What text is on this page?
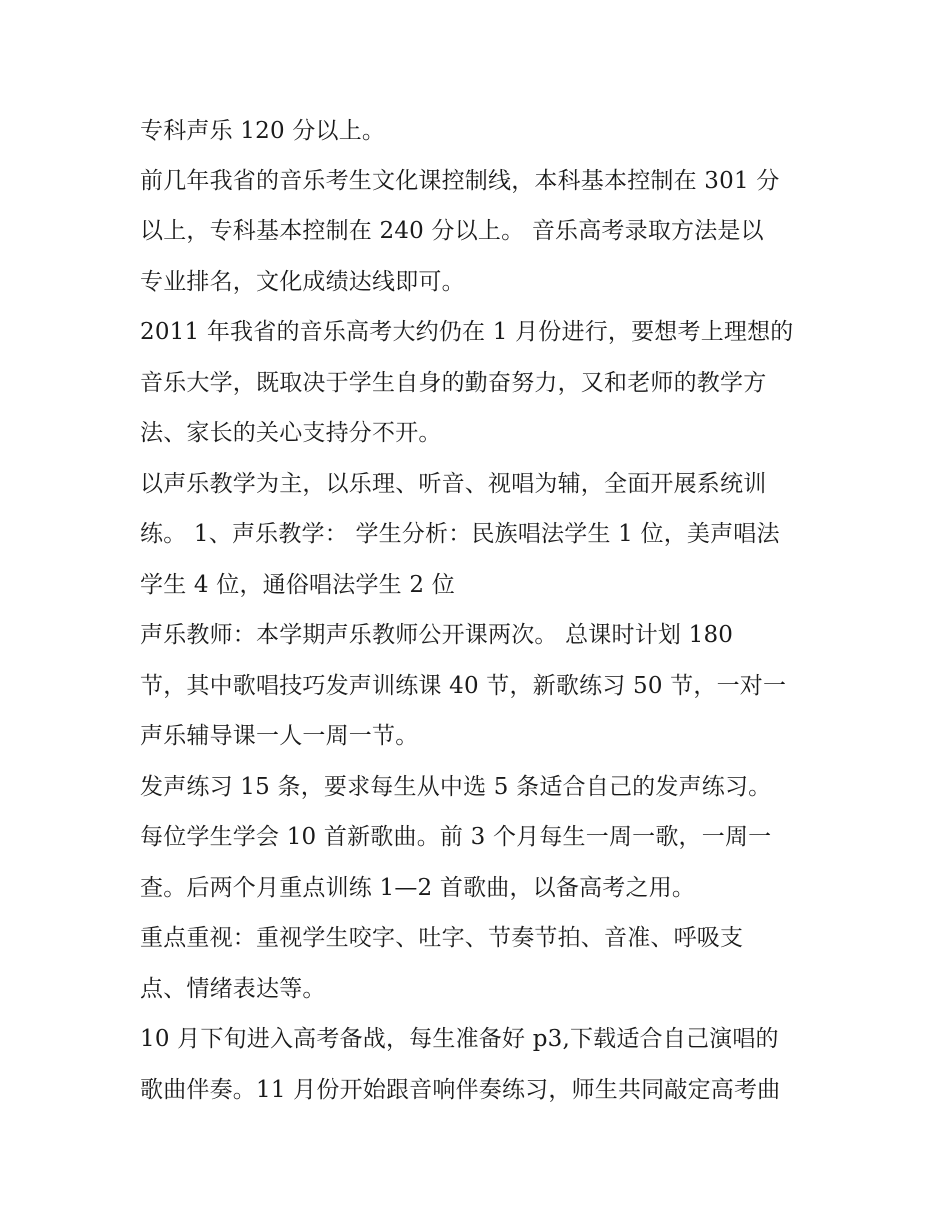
专科声乐 120 分以上。

前几年我省的音乐考生文化课控制线，本科基本控制在 301 分

以上，专科基本控制在 240 分以上。 音乐高考录取方法是以

专业排名，文化成绩达线即可。

2011 年我省的音乐高考大约仍在 1 月份进行，要想考上理想的

音乐大学，既取决于学生自身的勤奋努力，又和老师的教学方

法、家长的关心支持分不开。

以声乐教学为主，以乐理、听音、视唱为辅，全面开展系统训

练。 1、声乐教学： 学生分析：民族唱法学生 1 位，美声唱法

学生 4 位，通俗唱法学生 2 位

声乐教师：本学期声乐教师公开课两次。 总课时计划 180

节，其中歌唱技巧发声训练课 40 节，新歌练习 50 节，一对一

声乐辅导课一人一周一节。

发声练习 15 条，要求每生从中选 5 条适合自己的发声练习。

每位学生学会 10 首新歌曲。前 3 个月每生一周一歌，一周一

查。后两个月重点训练 1—2 首歌曲，以备高考之用。

重点重视：重视学生咬字、吐字、节奏节拍、音准、呼吸支

点、情绪表达等。

10 月下旬进入高考备战，每生准备好 p3,下载适合自己演唱的

歌曲伴奏。11 月份开始跟音响伴奏练习，师生共同敲定高考曲
